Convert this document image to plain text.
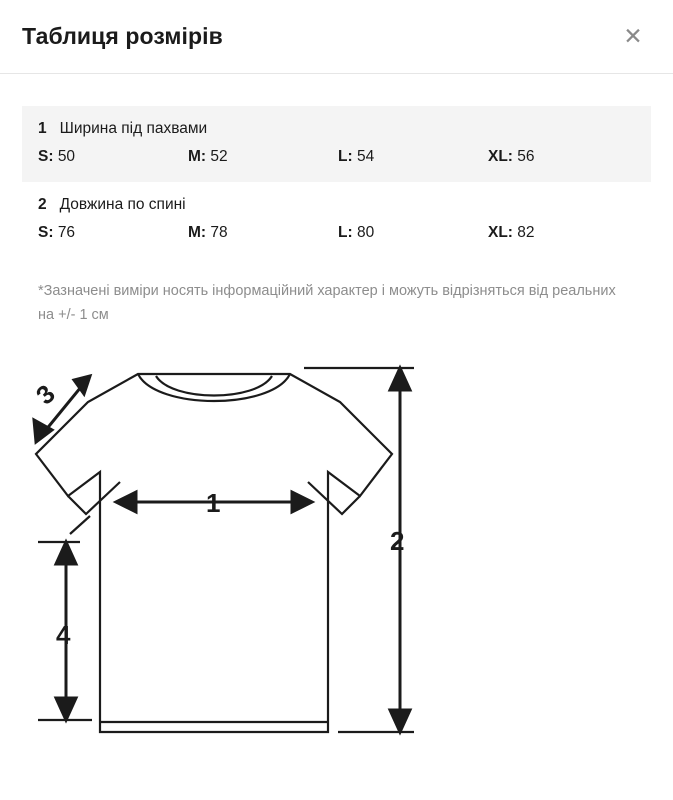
Таблиця розмірів	✕
1 Ширина під пахвами
S: 50	M: 52	L: 54	XL: 56
2 Довжина по спині
S: 76	M: 78	L: 80	XL: 82
*Зазначені виміри носять інформаційний характер і можуть відрізняться від реальних на +/- 1 см
3
1
2
4
